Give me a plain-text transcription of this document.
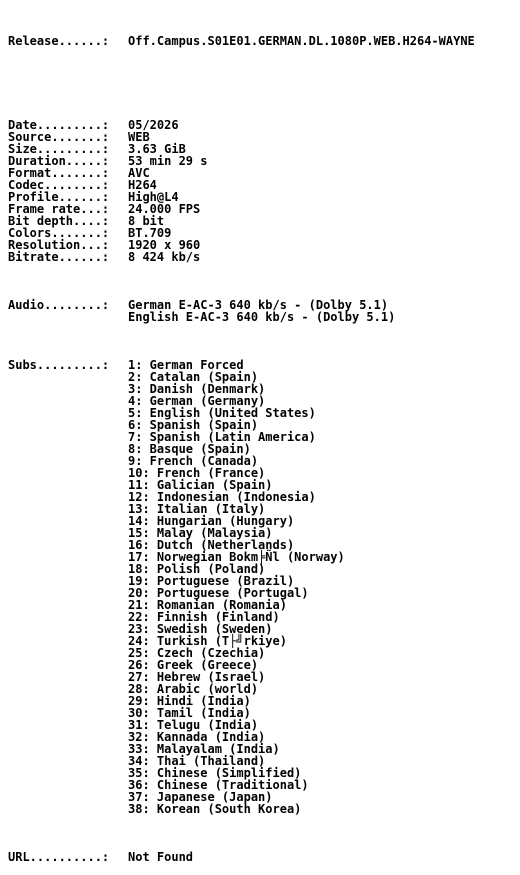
Release......:	Off.Campus.S01E01.GERMAN.DL.1080P.WEB.H264-WAYNE

Date.........:	05/2026
Source.......:	WEB
Size.........:	3.63 GiB
Duration.....:	53 min 29 s
Format.......:	AVC
Codec........:	H264
Profile......:	High@L4
Frame rate...:	24.000 FPS
Bit depth....:	8 bit
Colors.......:	BT.709
Resolution...:	1920 x 960
Bitrate......:	8 424 kb/s

Audio........:	German E-AC-3 640 kb/s - (Dolby 5.1)
English E-AC-3 640 kb/s - (Dolby 5.1)

Subs.........:	1: German Forced
2: Catalan (Spain)
3: Danish (Denmark)
4: German (Germany)
5: English (United States)
6: Spanish (Spain)
7: Spanish (Latin America)
8: Basque (Spain)
9: French (Canada)
10: French (France)
11: Galician (Spain)
12: Indonesian (Indonesia)
13: Italian (Italy)
14: Hungarian (Hungary)
15: Malay (Malaysia)
16: Dutch (Netherlands)
17: Norwegian Bokm╞Ñl (Norway)
18: Polish (Poland)
19: Portuguese (Brazil)
20: Portuguese (Portugal)
21: Romanian (Romania)
22: Finnish (Finland)
23: Swedish (Sweden)
24: Turkish (T├╝rkiye)
25: Czech (Czechia)
26: Greek (Greece)
27: Hebrew (Israel)
28: Arabic (world)
29: Hindi (India)
30: Tamil (India)
31: Telugu (India)
32: Kannada (India)
33: Malayalam (India)
34: Thai (Thailand)
35: Chinese (Simplified)
36: Chinese (Traditional)
37: Japanese (Japan)
38: Korean (South Korea)

URL..........:	Not Found
